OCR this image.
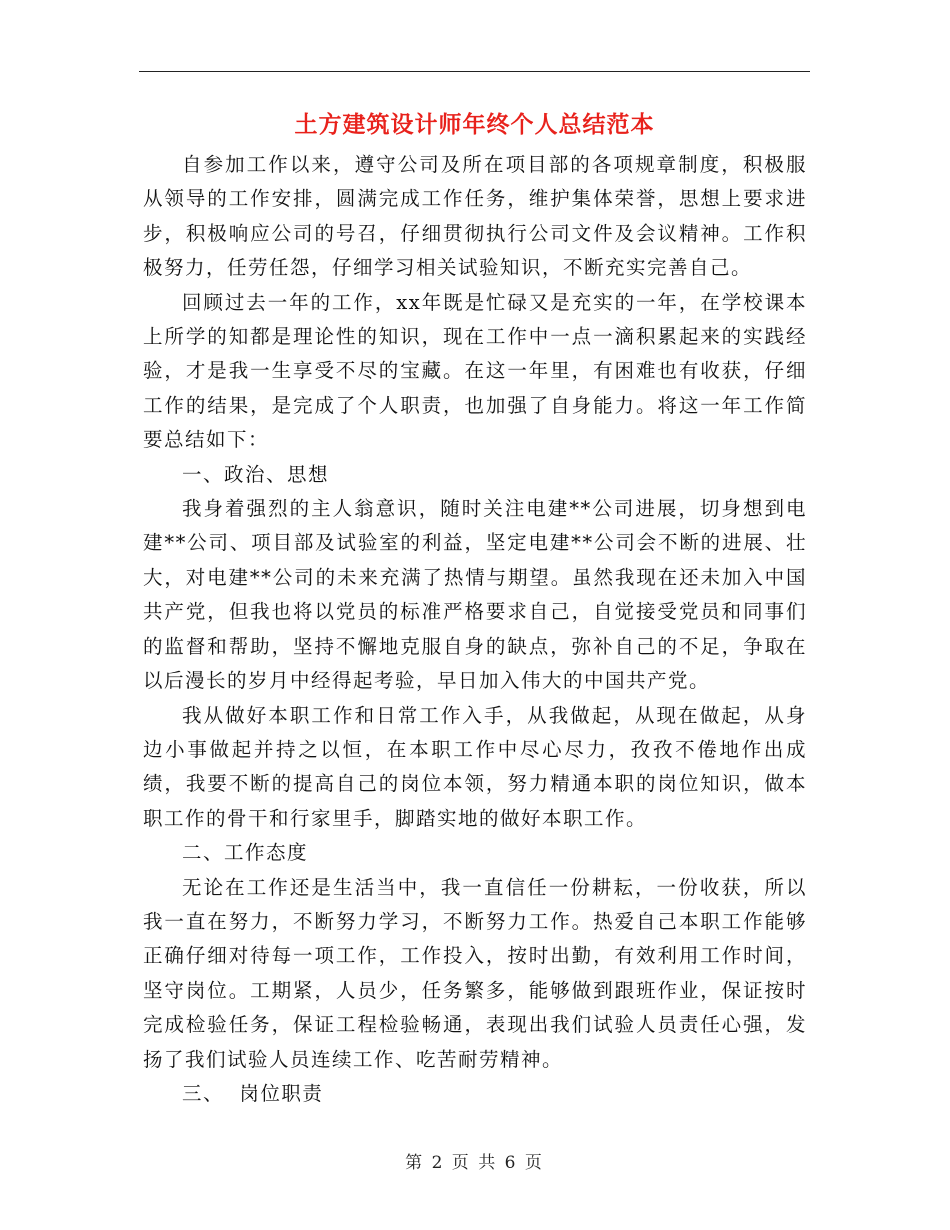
土方建筑设计师年终个人总结范本

自参加工作以来，遵守公司及所在项目部的各项规章制度，积极服从领导的工作安排，圆满完成工作任务，维护集体荣誉，思想上要求进步，积极响应公司的号召，仔细贯彻执行公司文件及会议精神。工作积极努力，任劳任怨，仔细学习相关试验知识，不断充实完善自己。

回顾过去一年的工作，xx年既是忙碌又是充实的一年，在学校课本上所学的知都是理论性的知识，现在工作中一点一滴积累起来的实践经验，才是我一生享受不尽的宝藏。在这一年里，有困难也有收获，仔细工作的结果，是完成了个人职责，也加强了自身能力。将这一年工作简要总结如下：

一、政治、思想

我身着强烈的主人翁意识，随时关注电建**公司进展，切身想到电建**公司、项目部及试验室的利益，坚定电建**公司会不断的进展、壮大，对电建**公司的未来充满了热情与期望。虽然我现在还未加入中国共产党，但我也将以党员的标准严格要求自己，自觉接受党员和同事们的监督和帮助，坚持不懈地克服自身的缺点，弥补自己的不足，争取在以后漫长的岁月中经得起考验，早日加入伟大的中国共产党。

我从做好本职工作和日常工作入手，从我做起，从现在做起，从身边小事做起并持之以恒，在本职工作中尽心尽力，孜孜不倦地作出成绩，我要不断的提高自己的岗位本领，努力精通本职的岗位知识，做本职工作的骨干和行家里手，脚踏实地的做好本职工作。

二、工作态度

无论在工作还是生活当中，我一直信任一份耕耘，一份收获，所以我一直在努力，不断努力学习，不断努力工作。热爱自己本职工作能够正确仔细对待每一项工作，工作投入，按时出勤，有效利用工作时间，坚守岗位。工期紧，人员少，任务繁多，能够做到跟班作业，保证按时完成检验任务，保证工程检验畅通，表现出我们试验人员责任心强，发扬了我们试验人员连续工作、吃苦耐劳精神。

三、  岗位职责

第 2 页 共 6 页
